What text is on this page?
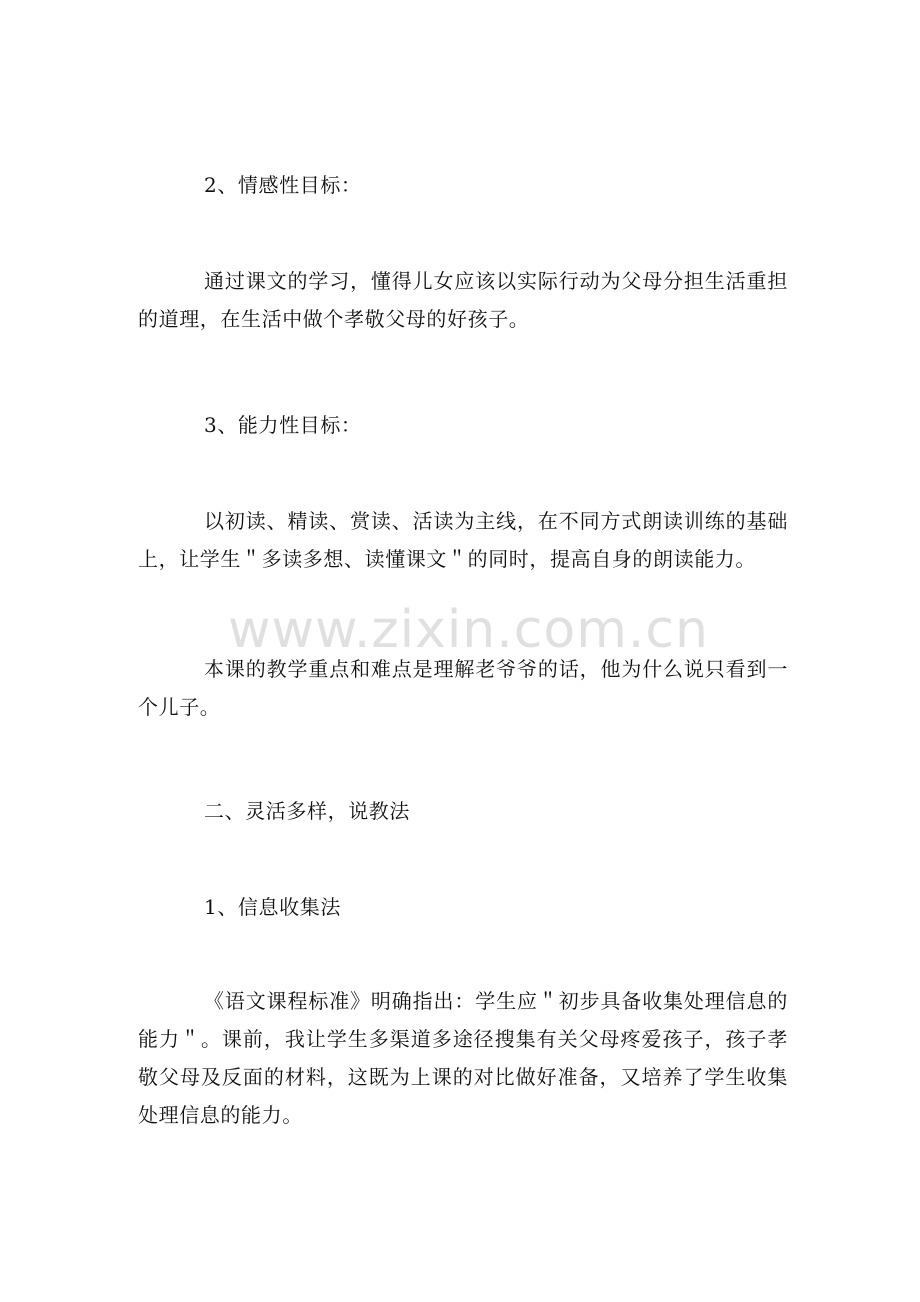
2、情感性目标：

通过课文的学习，懂得儿女应该以实际行动为父母分担生活重担的道理，在生活中做个孝敬父母的好孩子。

3、能力性目标：

以初读、精读、赏读、活读为主线，在不同方式朗读训练的基础上，让学生＂多读多想、读懂课文＂的同时，提高自身的朗读能力。

www.zixin.com.cn

本课的教学重点和难点是理解老爷爷的话，他为什么说只看到一个儿子。

二、灵活多样，说教法

1、信息收集法

《语文课程标准》明确指出：学生应＂初步具备收集处理信息的能力＂。课前，我让学生多渠道多途径搜集有关父母疼爱孩子，孩子孝敬父母及反面的材料，这既为上课的对比做好准备，又培养了学生收集处理信息的能力。
